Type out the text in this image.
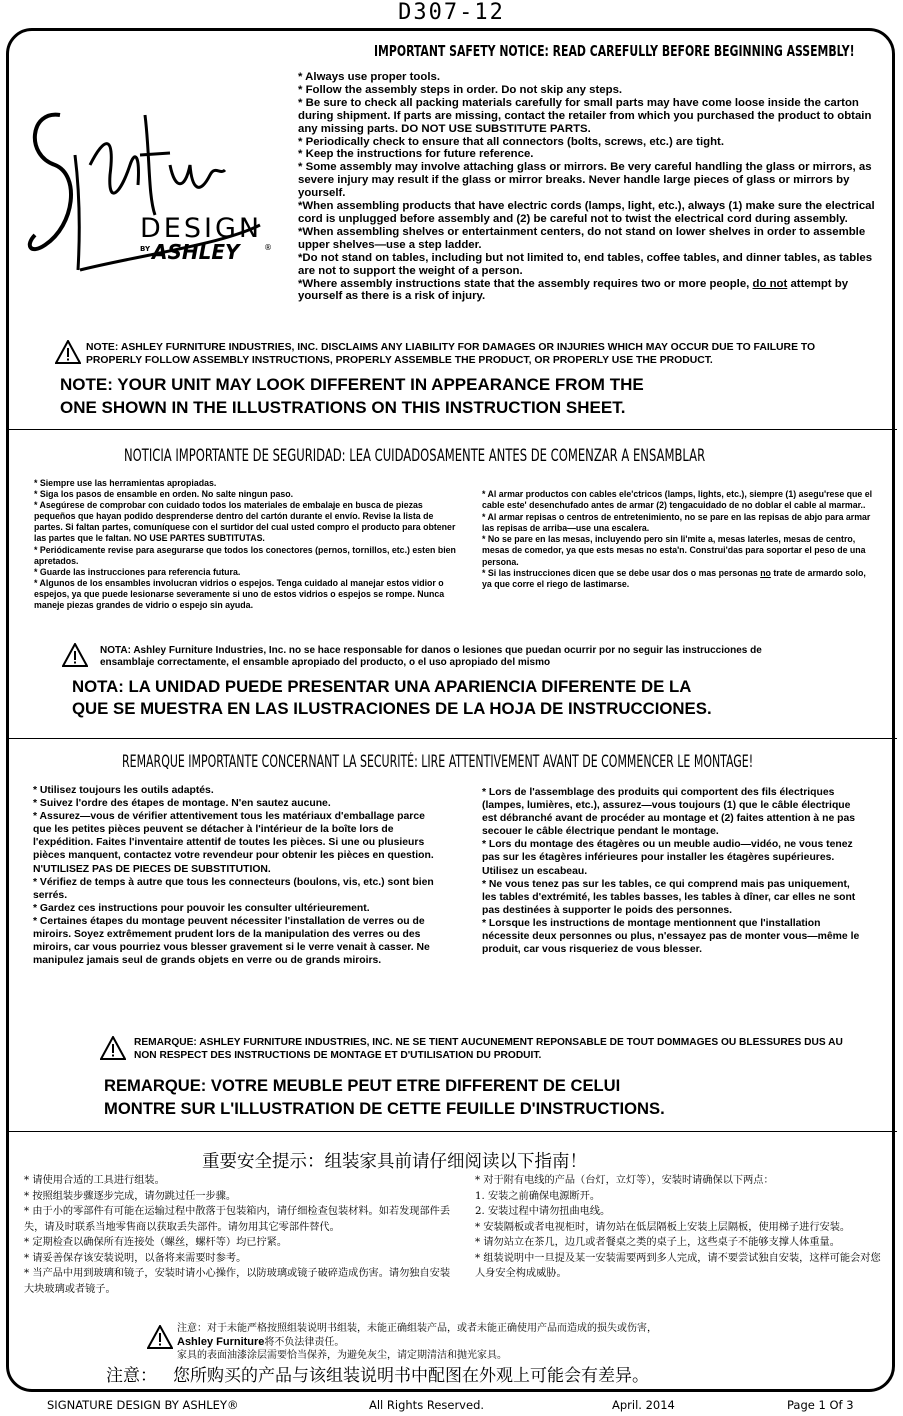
D307-12
DESIGN
BY ASHLEY	®
IMPORTANT SAFETY NOTICE: READ CAREFULLY BEFORE BEGINNING ASSEMBLY!

* Always use proper tools.

* Follow the assembly steps in order. Do not skip any steps.

* Be sure to check all packing materials carefully for small parts may have come loose inside the carton during shipment. If parts are missing, contact the retailer from which you purchased the product to obtain any missing parts. DO NOT USE SUBSTITUTE PARTS.

* Periodically check to ensure that all connectors (bolts, screws, etc.) are tight.

* Keep the instructions for future reference.

* Some assembly may involve attaching glass or mirrors. Be very careful handling the glass or mirrors, as severe injury may result if the glass or mirror breaks. Never handle large pieces of glass or mirrors by yourself.

*When assembling products that have electric cords (lamps, light, etc.), always (1) make sure the electrical cord is unplugged before assembly and (2) be careful not to twist the electrical cord during assembly.

*When assembling shelves or entertainment centers, do not stand on lower shelves in order to assemble upper shelves—use a step ladder.

*Do not stand on tables, including but not limited to, end tables, coffee tables, and dinner tables, as tables are not to support the weight of a person.

*Where assembly instructions state that the assembly requires two or more people, do not attempt by yourself as there is a risk of injury.

NOTE: ASHLEY FURNITURE INDUSTRIES, INC. DISCLAIMS ANY LIABILITY FOR DAMAGES OR INJURIES WHICH MAY OCCUR DUE TO FAILURE TO PROPERLY FOLLOW ASSEMBLY INSTRUCTIONS, PROPERLY ASSEMBLE THE PRODUCT, OR PROPERLY USE THE PRODUCT.
NOTE: YOUR UNIT MAY LOOK DIFFERENT IN APPEARANCE FROM THE
ONE SHOWN IN THE ILLUSTRATIONS ON THIS INSTRUCTION SHEET.
NOTICIA IMPORTANTE DE SEGURIDAD: LEA CUIDADOSAMENTE ANTES DE COMENZAR A ENSAMBLAR
* Siempre use las herramientas apropiadas.
* Siga los pasos de ensamble en orden. No salte ningun paso.
* Asegúrese de comprobar con cuidado todos los materiales de embalaje en busca de piezas pequeños que hayan podido desprenderse dentro del cartón durante el envío. Revise la lista de partes. Si faltan partes, comuníquese con el surtidor del cual usted compro el producto para obtener las partes que le faltan. NO USE PARTES SUBTITUTAS.
* Periódicamente revise para asegurarse que todos los conectores (pernos, tornillos, etc.) esten bien apretados.
* Guarde las instrucciones para referencia futura.
* Algunos de los ensambles involucran vidrios o espejos. Tenga cuidado al manejar estos vidior o espejos, ya que puede lesionarse severamente si uno de estos vidrios o espejos se rompe. Nunca maneje piezas grandes de vidrio o espejo sin ayuda.

* Al armar productos con cables ele'ctricos (lamps, lights, etc.), siempre (1) asegu'rese que el cable este' desenchufado antes de armar (2) tengacuidado de no doblar el cable al marmar..
* Al armar repisas o centros de entretenimiento, no se pare en las repisas de abjo para armar las repisas de arriba—use una escalera.
* No se pare en las mesas, incluyendo pero sin li'mite a, mesas laterles, mesas de centro, mesas de comedor, ya que ests mesas no esta'n. Construi'das para soportar el peso de una persona.

* Si las instrucciones dicen que se debe usar dos o mas personas no trate de armardo solo, ya que corre el riego de lastimarse.

NOTA: Ashley Furniture Industries, Inc. no se hace responsable for danos o lesiones que puedan ocurrir por no seguir las instrucciones de ensamblaje correctamente, el ensamble apropiado del producto, o el uso apropiado del mismo
NOTA: LA UNIDAD PUEDE PRESENTAR UNA APARIENCIA DIFERENTE DE LA
QUE SE MUESTRA EN LAS ILUSTRACIONES DE LA HOJA DE INSTRUCCIONES.
REMARQUE IMPORTANTE CONCERNANT LA SECURITÉ: LIRE ATTENTIVEMENT AVANT DE COMMENCER LE MONTAGE!
* Utilisez toujours les outils adaptés.
* Suivez l'ordre des étapes de montage. N'en sautez aucune.
* Assurez—vous de vérifier attentivement tous les matériaux d'emballage parce que les petites pièces peuvent se détacher à l'intérieur de la boîte lors de l'expédition. Faites l'inventaire attentif de toutes les pièces. Si une ou plusieurs pièces manquent, contactez votre revendeur pour obtenir les pièces en question. N'UTILISEZ PAS DE PIECES DE SUBSTITUTION.
* Vérifiez de temps à autre que tous les connecteurs (boulons, vis, etc.) sont bien serrés.
* Gardez ces instructions pour pouvoir les consulter ultérieurement.
* Certaines étapes du montage peuvent nécessiter l'installation de verres ou de miroirs. Soyez extrêmement prudent lors de la manipulation des verres ou des miroirs, car vous pourriez vous blesser gravement si le verre venait à casser. Ne manipulez jamais seul de grands objets en verre ou de grands miroirs.
* Lors de l'assemblage des produits qui comportent des fils électriques (lampes, lumières, etc.), assurez—vous toujours (1) que le câble électrique est débranché avant de procéder au montage et (2) faites attention à ne pas secouer le câble électrique pendant le montage.
* Lors du montage des étagères ou un meuble audio—vidéo, ne vous tenez pas sur les étagères inférieures pour installer les étagères supérieures. Utilisez un escabeau.
* Ne vous tenez pas sur les tables, ce qui comprend mais pas uniquement, les tables d'extrémité, les tables basses, les tables à dîner, car elles ne sont pas destinées à supporter le poids des personnes.
* Lorsque les instructions de montage mentionnent que l'installation nécessite deux personnes ou plus, n'essayez pas de monter vous—même le produit, car vous risqueriez de vous blesser.
REMARQUE: ASHLEY FURNITURE INDUSTRIES, INC. NE SE TIENT AUCUNEMENT REPONSABLE DE TOUT DOMMAGES OU BLESSURES DUS AU NON RESPECT DES INSTRUCTIONS DE MONTAGE ET D'UTILISATION DU PRODUIT.
REMARQUE: VOTRE MEUBLE PEUT ETRE DIFFERENT DE CELUI
MONTRE SUR L'ILLUSTRATION DE CETTE FEUILLE D'INSTRUCTIONS.
重要安全提示：组装家具前请仔细阅读以下指南！
* 请使用合适的工具进行组装。
* 按照组装步骤逐步完成，请勿跳过任一步骤。
* 由于小的零部件有可能在运输过程中散落于包装箱内，请仔细检查包装材料。如若发现部件丢失，请及时联系当地零售商以获取丢失部件。请勿用其它零部件替代。
* 定期检查以确保所有连接处（螺丝，螺杆等）均已拧紧。
* 请妥善保存该安装说明，以备将来需要时参考。
* 当产品中用到玻璃和镜子，安装时请小心操作，以防玻璃或镜子破碎造成伤害。请勿独自安装大块玻璃或者镜子。
* 对于附有电线的产品（台灯，立灯等），安装时请确保以下两点：
1. 安装之前确保电源断开。
2. 安装过程中请勿扭曲电线。
* 安装隔板或者电视柜时，请勿站在低层隔板上安装上层隔板，使用梯子进行安装。
* 请勿站立在茶几，边几或者餐桌之类的桌子上，这些桌子不能够支撑人体重量。
* 组装说明中一旦提及某一安装需要两到多人完成，请不要尝试独自安装，这样可能会对您人身安全构成威胁。
注意：对于未能严格按照组装说明书组装，未能正确组装产品，或者未能正确使用产品而造成的损失或伤害，
Ashley Furniture将不负法律责任。
家具的表面油漆涂层需要恰当保养，为避免灰尘，请定期清洁和抛光家具。
注意： 您所购买的产品与该组装说明书中配图在外观上可能会有差异。
SIGNATURE DESIGN BY ASHLEY®	All Rights Reserved.	April. 2014	Page 1 Of 3
